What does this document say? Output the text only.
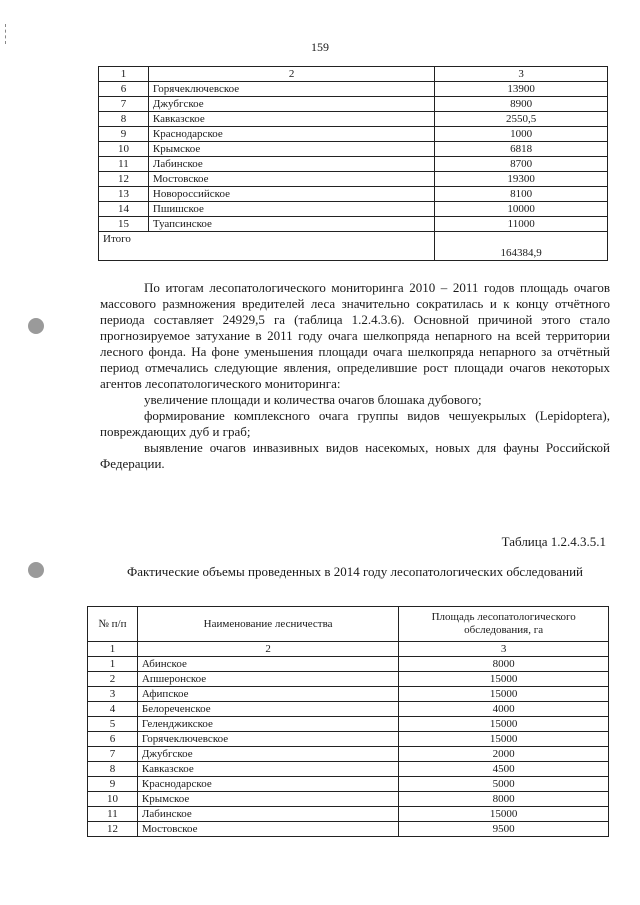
159
1	2	3
6	Горячеключевское	13900
7	Джубгское	8900
8	Кавказское	2550,5
9	Краснодарское	1000
10	Крымское	6818
11	Лабинское	8700
12	Мостовское	19300
13	Новороссийское	8100
14	Пшишское	10000
15	Туапсинское	11000
Итого		164384,9

По итогам лесопатологического мониторинга 2010 – 2011 годов площадь очагов массового размножения вредителей леса значительно сократилась и к концу отчётного периода составляет 24929,5 га (таблица 1.2.4.3.6). Основной причиной этого стало прогнозируемое затухание в 2011 году очага шелкопряда непарного на всей территории лесного фонда. На фоне уменьшения площади очага шелкопряда непарного за отчётный период отмечались следующие явления, определившие рост площади очагов некоторых агентов лесопатологического мониторинга:

увеличение площади и количества очагов блошака дубового;

формирование комплексного очага группы видов чешуекрылых (Lepidoptera), повреждающих дуб и граб;

выявление очагов инвазивных видов насекомых, новых для фауны Российской Федерации.

Таблица 1.2.4.3.5.1
Фактические объемы проведенных в 2014 году лесопатологических обследований
№ п/п	Наименование лесничества	Площадь лесопатологического обследования, га
1	2	3
1	Абинское	8000
2	Апшеронское	15000
3	Афипское	15000
4	Белореченское	4000
5	Геленджикское	15000
6	Горячеключевское	15000
7	Джубгское	2000
8	Кавказское	4500
9	Краснодарское	5000
10	Крымское	8000
11	Лабинское	15000
12	Мостовское	9500
